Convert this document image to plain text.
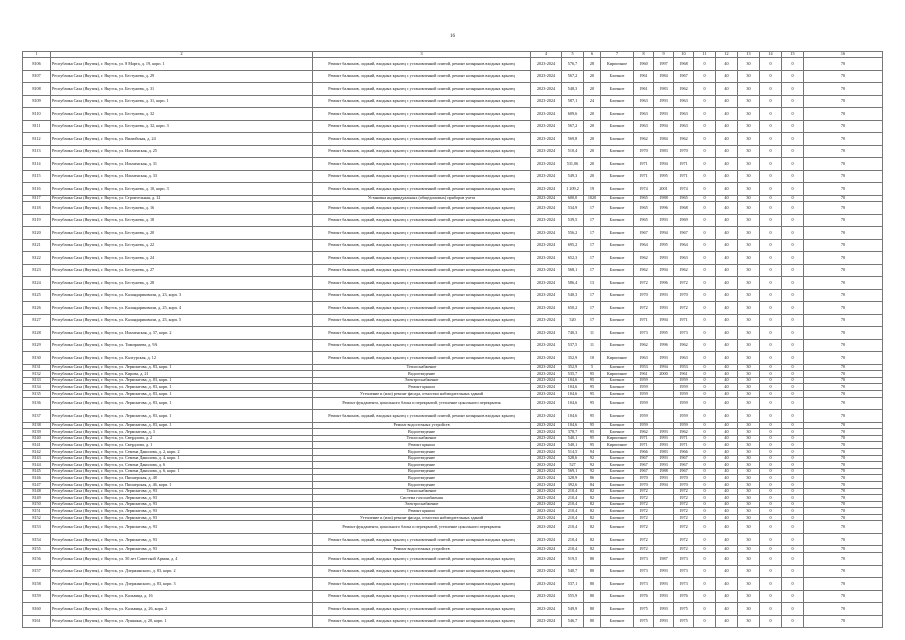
16
1	2	3	4	5	6	7	8	9	10	11	12	13	14	15	16
8106	Республика Саха (Якутия), г. Якутск, ул. 8 Марта, д. 19, корп. 1	Ремонт балконов, лоджий, входных крылец с установленной плитой, ремонт козырьков входных крылец	2023-2024	576,7	28	Кирпичное	1960	1997	1968	0	40	30	0	0	70
8107	Республика Саха (Якутия), г. Якутск, ул. Бестужева, д. 29	Ремонт балконов, лоджий, входных крылец с установленной плитой, ремонт козырьков входных крылец	2023-2024	567,2	20	Блочное	1961	1984	1967	0	40	30	0	0	70
8108	Республика Саха (Якутия), г. Якутск, ул. Бестужева, д. 31	Ремонт балконов, лоджий, входных крылец с установленной плитой, ремонт козырьков входных крылец	2023-2024	548,3	20	Блочное	1961	1983	1962	0	40	30	0	0	70
8109	Республика Саха (Якутия), г. Якутск, ул. Бестужева, д. 31, корп. 1	Ремонт балконов, лоджий, входных крылец с установленной плитой, ремонт козырьков входных крылец	2023-2024	587,1	24	Блочное	1963	1993	1963	0	40	30	0	0	70
8110	Республика Саха (Якутия), г. Якутск, ул. Бестужева, д. 32	Ремонт балконов, лоджий, входных крылец с установленной плитой, ремонт козырьков входных крылец	2023-2024	609,6	20	Блочное	1963	1993	1963	0	40	30	0	0	70
8111	Республика Саха (Якутия), г. Якутск, ул. Бестужева, д. 32, корп. 3	Ремонт балконов, лоджий, входных крылец с установленной плитой, ремонт козырьков входных крылец	2023-2024	567,2	20	Блочное	1963	1994	1963	0	40	30	0	0	70
8112	Республика Саха (Якутия), г. Якутск, ул. Вилюйская, д. 24	Ремонт балконов, лоджий, входных крылец с установленной плитой, ремонт козырьков входных крылец	2023-2024	569,8	20	Блочное	1962	1984	1962	0	40	30	0	0	70
8113	Республика Саха (Якутия), г. Якутск, ул. Ильменская, д. 25	Ремонт балконов, лоджий, входных крылец с установленной плитой, ремонт козырьков входных крылец	2023-2024	510,4	20	Блочное	1970	1983	1970	0	40	30	0	0	70
8114	Республика Саха (Якутия), г. Якутск, ул. Ильменская, д. 31	Ремонт балконов, лоджий, входных крылец с установленной плитой, ремонт козырьков входных крылец	2023-2024	531,06	20	Блочное	1971	1994	1971	0	40	30	0	0	70
8115	Республика Саха (Якутия), г. Якутск, ул. Ильменская, д. 33	Ремонт балконов, лоджий, входных крылец с установленной плитой, ремонт козырьков входных крылец	2023-2024	549,3	20	Блочное	1971	1995	1971	0	40	30	0	0	70
8116	Республика Саха (Якутия), г. Якутск, ул. Бестужева, д. 10, корп. 3	Ремонт балконов, лоджий, входных крылец с установленной плитой, ремонт козырьков входных крылец	2023-2024	1 209,2	19	Блочное	1974	2001	1974	0	40	30	0	0	70
8117	Республика Саха (Якутия), г. Якутск, ул. Строительная, д. 12	Установка индивидуальных (общедомовых) приборов учета	2023-2024	600,0	1020	Блочное	1965	1988	1965	0	40	30	0	0	70
8118	Республика Саха (Якутия), г. Якутск, ул. Бестужева, д. 16	Ремонт балконов, лоджий, входных крылец с установленной плитой, ремонт козырьков входных крылец	2023-2024	534,9	17	Блочное	1965	1996	1968	0	40	30	0	0	70
8119	Республика Саха (Якутия), г. Якутск, ул. Бестужева, д. 18	Ремонт балконов, лоджий, входных крылец с установленной плитой, ремонт козырьков входных крылец	2023-2024	539,5	17	Блочное	1965	1993	1969	0	40	30	0	0	70
8120	Республика Саха (Якутия), г. Якутск, ул. Бестужева, д. 20	Ремонт балконов, лоджий, входных крылец с установленной плитой, ремонт козырьков входных крылец	2023-2024	556,2	17	Блочное	1967	1994	1967	0	40	30	0	0	70
8121	Республика Саха (Якутия), г. Якутск, ул. Бестужева, д. 22	Ремонт балконов, лоджий, входных крылец с установленной плитой, ремонт козырьков входных крылец	2023-2024	695,2	17	Блочное	1964	1995	1964	0	40	30	0	0	70
8122	Республика Саха (Якутия), г. Якутск, ул. Бестужева, д. 24	Ремонт балконов, лоджий, входных крылец с установленной плитой, ремонт козырьков входных крылец	2023-2024	652,3	17	Блочное	1962	1993	1963	0	40	30	0	0	70
8123	Республика Саха (Якутия), г. Якутск, ул. Бестужева, д. 27	Ремонт балконов, лоджий, входных крылец с установленной плитой, ремонт козырьков входных крылец	2023-2024	568,1	17	Блочное	1962	1994	1962	0	40	30	0	0	70
8124	Республика Саха (Якутия), г. Якутск, ул. Бестужева, д. 28	Ремонт балконов, лоджий, входных крылец с установленной плитой, ремонт козырьков входных крылец	2023-2024	586,4	13	Блочное	1972	1996	1972	0	40	30	0	0	70
8125	Республика Саха (Якутия), г. Якутск, ул. Каландаришвили, д. 23, корп. 3	Ремонт балконов, лоджий, входных крылец с установленной плитой, ремонт козырьков входных крылец	2023-2024	540,3	17	Блочное	1970	1993	1970	0	40	30	0	0	70
8126	Республика Саха (Якутия), г. Якутск, ул. Каландаришвили, д. 25, корп. 4	Ремонт балконов, лоджий, входных крылец с установленной плитой, ремонт козырьков входных крылец	2023-2024	650,2	17	Блочное	1972	1993	1972	0	40	30	0	0	70
8127	Республика Саха (Якутия), г. Якутск, ул. Каландаришвили, д. 25, корп. 5	Ремонт балконов, лоджий, входных крылец с установленной плитой, ремонт козырьков входных крылец	2023-2024	520	17	Блочное	1971	1994	1971	0	40	30	0	0	70
8128	Республика Саха (Якутия), г. Якутск, ул. Ильменская, д. 37, корп. 2	Ремонт балконов, лоджий, входных крылец с установленной плитой, ремонт козырьков входных крылец	2023-2024	740,3	11	Блочное	1973	1995	1973	0	40	30	0	0	70
8129	Республика Саха (Якутия), г. Якутск, ул. Тимирязева, д. 9А	Ремонт балконов, лоджий, входных крылец с установленной плитой, ремонт козырьков входных крылец	2023-2024	537,5	11	Блочное	1962	1996	1962	0	40	30	0	0	70
8130	Республика Саха (Якутия), г. Якутск, ул. Калтурская, д. 12	Ремонт балконов, лоджий, входных крылец с установленной плитой, ремонт козырьков входных крылец	2023-2024	352,9	10	Кирпичное	1963	1993	1963	0	40	30	0	0	70
8131	Республика Саха (Якутия), г. Якутск, ул. Лермонтова, д. 83, корп. 1	Теплоснабжение	2023-2024	352,9	5	Блочное	1953	1994	1953	0	40	30	0	0	70
8132	Республика Саха (Якутия), г. Якутск, ул. Кирова, д. 21	Водоотведение	2023-2024	535,7	95	Кирпичное	1961	2000	1961	0	40	30	0	0	70
8133	Республика Саха (Якутия), г. Якутск, ул. Лермонтова, д. 83, корп. 1	Электроснабжение	2023-2024	104,6	95	Блочное	1959		1959	0	40	30	0	0	70
8134	Республика Саха (Якутия), г. Якутск, ул. Лермонтова, д. 83, корп. 1	Ремонт крыши	2023-2024	104,6	95	Блочное	1959		1959	0	40	30	0	0	70
8135	Республика Саха (Якутия), г. Якутск, ул. Лермонтова, д. 83, корп. 1	Утепление и (или) ремонт фасада, отмостки наблюдательных зданий	2023-2024	104,6	95	Блочное	1959		1959	0	40	30	0	0	70
8136	Республика Саха (Якутия), г. Якутск, ул. Лермонтова, д. 83, корп. 1	Ремонт фундамента, цокольного блока и перекрытий, утепление цокольного перекрытия	2023-2024	104,6	95	Блочное	1959		1959	0	40	30	0	0	70
8137	Республика Саха (Якутия), г. Якутск, ул. Лермонтова, д. 83, корп. 1	Ремонт балконов, лоджий, входных крылец с установленной плитой, ремонт козырьков входных крылец	2023-2024	104,6	95	Блочное	1959		1959	0	40	30	0	0	70
8138	Республика Саха (Якутия), г. Якутск, ул. Лермонтова, д. 83, корп. 1	Ремонт водосточных устройств	2023-2024	104,6	95	Блочное	1959		1959	0	40	30	0	0	70
8139	Республика Саха (Якутия), г. Якутск, ул. Лермонтова, д. 3	Водоотведение	2023-2024	378,7	95	Блочное	1962	1993	1962	0	40	30	0	0	70
8140	Республика Саха (Якутия), г. Якутск, ул. Свердлова, д. 2	Теплоснабжение	2023-2024	540,1	95	Кирпичное	1971	1993	1971	0	40	30	0	0	70
8141	Республика Саха (Якутия), г. Якутск, ул. Свердлова, д. 1	Ремонт крыши	2023-2024	540,1	95	Кирпичное	1971	1993	1971	0	40	30	0	0	70
8142	Республика Саха (Якутия), г. Якутск, ул. Семена Данилова, д. 2, корп. 2	Водоотведение	2023-2024	514,5	94	Блочное	1966	1983	1966	0	40	30	0	0	70
8143	Республика Саха (Якутия), г. Якутск, ул. Семена Данилова, д. 4, корп. 1	Водоотведение	2023-2024	528,6	92	Блочное	1967	1993	1967	0	40	30	0	0	70
8144	Республика Саха (Якутия), г. Якутск, ул. Семена Данилова, д. 6	Водоотведение	2023-2024	527	92	Блочное	1967	1993	1967	0	40	30	0	0	70
8145	Республика Саха (Якутия), г. Якутск, ул. Семена Данилова, д. 6, корп. 1	Водоотведение	2023-2024	569,1	92	Блочное	1967	1988	1967	0	40	30	0	0	70
8146	Республика Саха (Якутия), г. Якутск, ул. Пионерская, д. 48	Водоотведение	2023-2024	328,9	86	Блочное	1970	1993	1970	0	40	30	0	0	70
8147	Республика Саха (Якутия), г. Якутск, ул. Пионерская, д. 46, корп. 1	Водоотведение	2023-2024	392,6	84	Блочное	1970	1994	1970	0	40	30	0	0	70
8148	Республика Саха (Якутия), г. Якутск, ул. Лермонтова, д. 93	Теплоснабжение	2023-2024	210,4	82	Блочное	1972		1972	0	40	30	0	0	70
8149	Республика Саха (Якутия), г. Якутск, ул. Лермонтова, д. 93	Система газоснабжения	2023-2024	210,4	82	Блочное	1972		1972	0	40	30	0	0	70
8150	Республика Саха (Якутия), г. Якутск, ул. Лермонтова, д. 93	Электроснабжение	2023-2024	210,4	82	Блочное	1972		1972	0	40	30	0	0	70
8151	Республика Саха (Якутия), г. Якутск, ул. Лермонтова, д. 93	Ремонт крыши	2023-2024	210,4	82	Блочное	1972		1972	0	40	30	0	0	70
8152	Республика Саха (Якутия), г. Якутск, ул. Лермонтова, д. 93	Утепление и (или) ремонт фасада, отмостки наблюдательных зданий	2023-2024	210,4	82	Блочное	1972		1972	0	40	30	0	0	70
8153	Республика Саха (Якутия), г. Якутск, ул. Лермонтова, д. 93	Ремонт фундамента, цокольного блока и перекрытий, утепление цокольного перекрытия	2023-2024	210,4	82	Блочное	1972		1972	0	40	30	0	0	70
8154	Республика Саха (Якутия), г. Якутск, ул. Лермонтова, д. 93	Ремонт балконов, лоджий, входных крылец с установленной плитой, ремонт козырьков входных крылец	2023-2024	210,4	82	Блочное	1972		1972	0	40	30	0	0	70
8155	Республика Саха (Якутия), г. Якутск, ул. Лермонтова, д. 93	Ремонт водосточных устройств	2023-2024	210,4	82	Блочное	1972		1972	0	40	30	0	0	70
8156	Республика Саха (Якутия), г. Якутск, ул. 50 лет Советской Армии, д. 4	Ремонт балконов, лоджий, входных крылец с установленной плитой, ремонт козырьков входных крылец	2023-2024	519,5	80	Блочное	1973	1987	1973	0	40	30	0	0	70
8157	Республика Саха (Якутия), г. Якутск, ул. Дзержинского, д. 83, корп. 2	Ремонт балконов, лоджий, входных крылец с установленной плитой, ремонт козырьков входных крылец	2023-2024	540,7	80	Блочное	1973	1993	1973	0	40	30	0	0	70
8158	Республика Саха (Якутия), г. Якутск, ул. Дзержинского, д. 83, корп. 3	Ремонт балконов, лоджий, входных крылец с установленной плитой, ремонт козырьков входных крылец	2023-2024	537,1	80	Блочное	1973	1993	1973	0	40	30	0	0	70
8159	Республика Саха (Якутия), г. Якутск, ул. Кальвица, д. 16	Ремонт балконов, лоджий, входных крылец с установленной плитой, ремонт козырьков входных крылец	2023-2024	555,9	80	Блочное	1976	1993	1976	0	40	30	0	0	70
8160	Республика Саха (Якутия), г. Якутск, ул. Кальвица, д. 26, корп. 2	Ремонт балконов, лоджий, входных крылец с установленной плитой, ремонт козырьков входных крылец	2023-2024	549,9	80	Блочное	1975	1993	1975	0	40	30	0	0	70
8161	Республика Саха (Якутия), г. Якутск, ул. Лушкина, д. 20, корп. 1	Ремонт балконов, лоджий, входных крылец с установленной плитой, ремонт козырьков входных крылец	2023-2024	546,7	80	Блочное	1975	1993	1975	0	40	30	0	0	70
